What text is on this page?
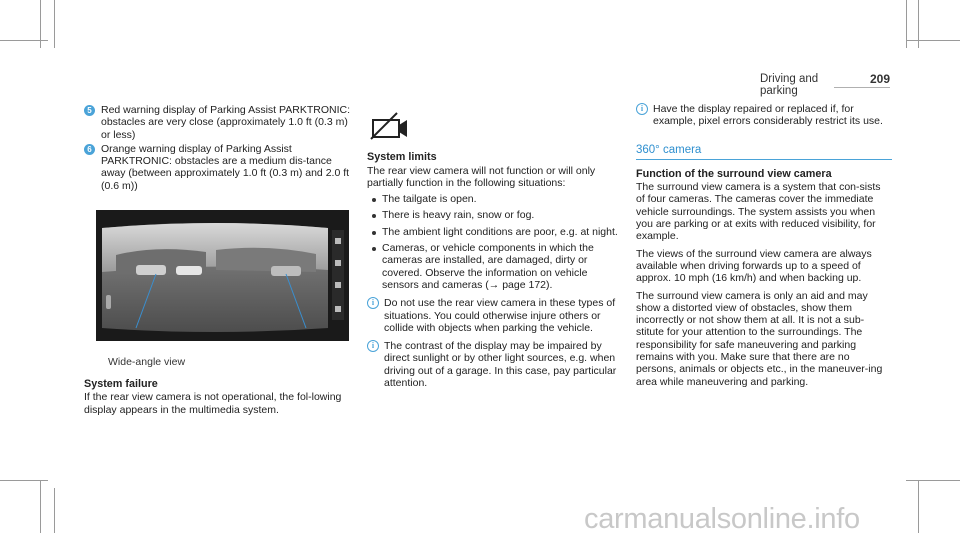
Driving and parking
209
5 Red warning display of Parking Assist PARKTRONIC: obstacles are very close (approximately 1.0 ft (0.3 m) or less)
6 Orange warning display of Parking Assist PARKTRONIC: obstacles are a medium dis-tance away (between approximately 1.0 ft (0.3 m) and 2.0 ft (0.6 m))
Wide-angle view
System failure

If the rear view camera is not operational, the fol-lowing display appears in the multimedia system.

System limits

The rear view camera will not function or will only partially function in the following situations:

The tailgate is open.
There is heavy rain, snow or fog.
The ambient light conditions are poor, e.g. at night.
Cameras, or vehicle components in which the cameras are installed, are damaged, dirty or covered. Observe the information on vehicle sensors and cameras (→ page 172).
i Do not use the rear view camera in these types of situations. You could otherwise injure others or collide with objects when parking the vehicle.
i The contrast of the display may be impaired by direct sunlight or by other light sources, e.g. when driving out of a garage. In this case, pay particular attention.
i Have the display repaired or replaced if, for example, pixel errors considerably restrict its use.
360° camera
Function of the surround view camera

The surround view camera is a system that con-sists of four cameras. The cameras cover the immediate vehicle surroundings. The system assists you when you are parking or at exits with reduced visibility, for example.

The views of the surround view camera are always available when driving forwards up to a speed of approx. 10 mph (16 km/h) and when backing up.

The surround view camera is only an aid and may show a distorted view of obstacles, show them incorrectly or not show them at all. It is not a sub-stitute for your attention to the surroundings. The responsibility for safe maneuvering and parking remains with you. Make sure that there are no persons, animals or objects etc., in the maneuver-ing area while maneuvering and parking.

carmanualsonline.info
